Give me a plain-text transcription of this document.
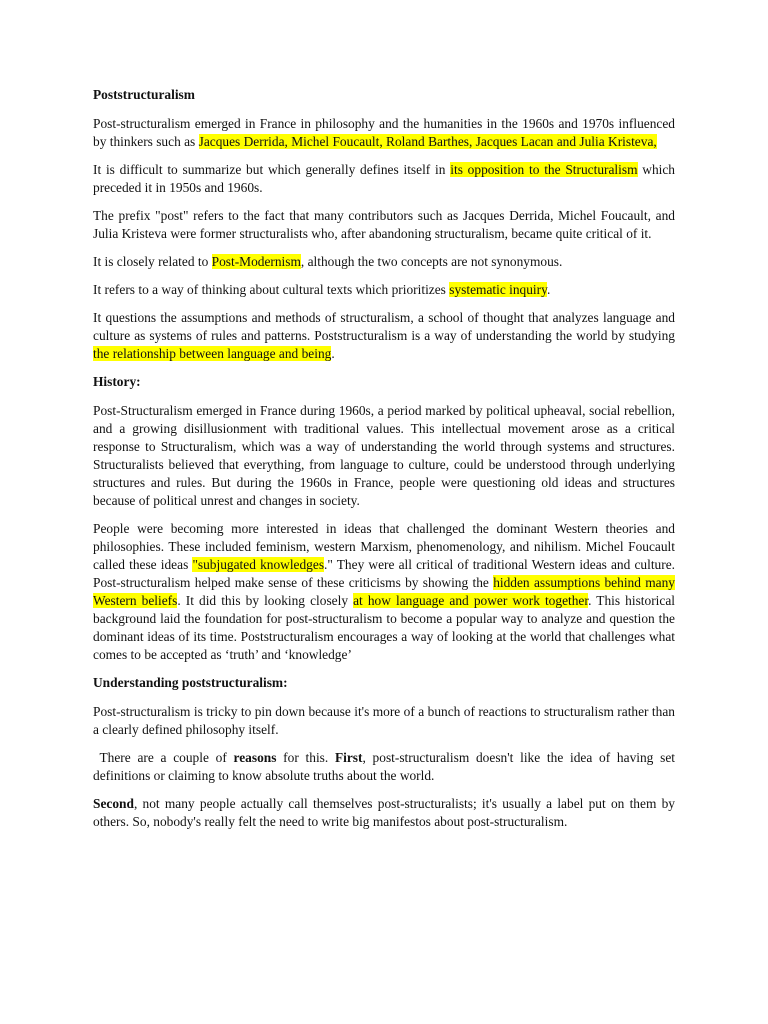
Poststructuralism

Post-structuralism emerged in France in philosophy and the humanities in the 1960s and 1970s influenced by thinkers such as Jacques Derrida, Michel Foucault, Roland Barthes, Jacques Lacan and Julia Kristeva,

It is difficult to summarize but which generally defines itself in its opposition to the Structuralism which preceded it in 1950s and 1960s.

The prefix "post" refers to the fact that many contributors such as Jacques Derrida, Michel Foucault, and Julia Kristeva were former structuralists who, after abandoning structuralism, became quite critical of it.

It is closely related to Post-Modernism, although the two concepts are not synonymous.

It refers to a way of thinking about cultural texts which prioritizes systematic inquiry.

It questions the assumptions and methods of structuralism, a school of thought that analyzes language and culture as systems of rules and patterns. Poststructuralism is a way of understanding the world by studying the relationship between language and being.

History:

Post-Structuralism emerged in France during 1960s, a period marked by political upheaval, social rebellion, and a growing disillusionment with traditional values. This intellectual movement arose as a critical response to Structuralism, which was a way of understanding the world through systems and structures. Structuralists believed that everything, from language to culture, could be understood through underlying structures and rules. But during the 1960s in France, people were questioning old ideas and structures because of political unrest and changes in society.

People were becoming more interested in ideas that challenged the dominant Western theories and philosophies. These included feminism, western Marxism, phenomenology, and nihilism. Michel Foucault called these ideas "subjugated knowledges." They were all critical of traditional Western ideas and culture. Post-structuralism helped make sense of these criticisms by showing the hidden assumptions behind many Western beliefs. It did this by looking closely at how language and power work together. This historical background laid the foundation for post-structuralism to become a popular way to analyze and question the dominant ideas of its time. Poststructuralism encourages a way of looking at the world that challenges what comes to be accepted as ‘truth’ and ‘knowledge’

Understanding poststructuralism:

Post-structuralism is tricky to pin down because it's more of a bunch of reactions to structuralism rather than a clearly defined philosophy itself.

There are a couple of reasons for this. First, post-structuralism doesn't like the idea of having set definitions or claiming to know absolute truths about the world.

Second, not many people actually call themselves post-structuralists; it's usually a label put on them by others. So, nobody's really felt the need to write big manifestos about post-structuralism.
